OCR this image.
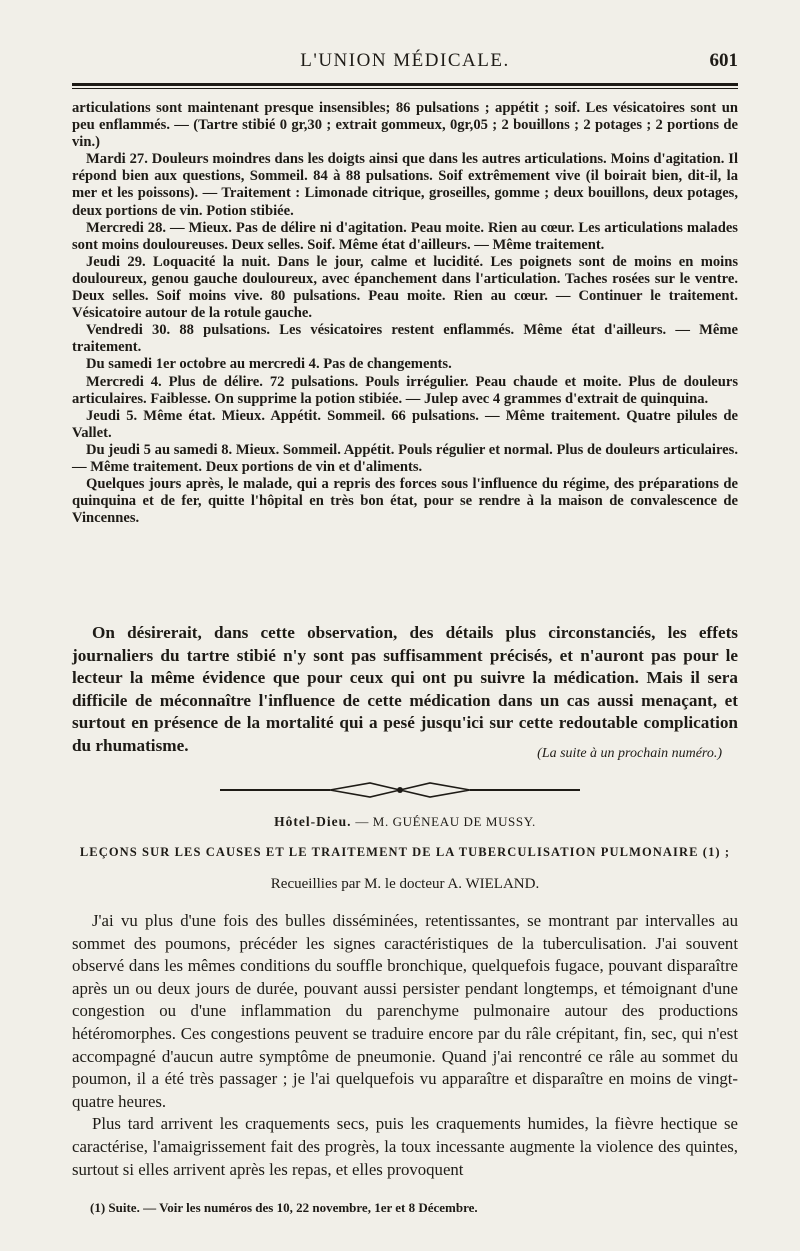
L'UNION MÉDICALE.	601

articulations sont maintenant presque insensibles; 86 pulsations ; appétit ; soif. Les vésicatoires sont un peu enflammés. — (Tartre stibié 0 gr,30 ; extrait gommeux, 0gr,05 ; 2 bouillons ; 2 potages ; 2 portions de vin.)

Mardi 27. Douleurs moindres dans les doigts ainsi que dans les autres articulations. Moins d'agitation. Il répond bien aux questions, Sommeil. 84 à 88 pulsations. Soif extrêmement vive (il boirait bien, dit-il, la mer et les poissons). — Traitement : Limonade citrique, groseilles, gomme ; deux bouillons, deux potages, deux portions de vin. Potion stibiée.

Mercredi 28. — Mieux. Pas de délire ni d'agitation. Peau moite. Rien au cœur. Les articulations malades sont moins douloureuses. Deux selles. Soif. Même état d'ailleurs. — Même traitement.

Jeudi 29. Loquacité la nuit. Dans le jour, calme et lucidité. Les poignets sont de moins en moins douloureux, genou gauche douloureux, avec épanchement dans l'articulation. Taches rosées sur le ventre. Deux selles. Soif moins vive. 80 pulsations. Peau moite. Rien au cœur. — Continuer le traitement. Vésicatoire autour de la rotule gauche.

Vendredi 30. 88 pulsations. Les vésicatoires restent enflammés. Même état d'ailleurs. — Même traitement.

Du samedi 1er octobre au mercredi 4. Pas de changements.

Mercredi 4. Plus de délire. 72 pulsations. Pouls irrégulier. Peau chaude et moite. Plus de douleurs articulaires. Faiblesse. On supprime la potion stibiée. — Julep avec 4 grammes d'extrait de quinquina.

Jeudi 5. Même état. Mieux. Appétit. Sommeil. 66 pulsations. — Même traitement. Quatre pilules de Vallet.

Du jeudi 5 au samedi 8. Mieux. Sommeil. Appétit. Pouls régulier et normal. Plus de douleurs articulaires. — Même traitement. Deux portions de vin et d'aliments.

Quelques jours après, le malade, qui a repris des forces sous l'influence du régime, des préparations de quinquina et de fer, quitte l'hôpital en très bon état, pour se rendre à la maison de convalescence de Vincennes.

On désirerait, dans cette observation, des détails plus circonstanciés, les effets journaliers du tartre stibié n'y sont pas suffisamment précisés, et n'auront pas pour le lecteur la même évidence que pour ceux qui ont pu suivre la médication. Mais il sera difficile de méconnaître l'influence de cette médication dans un cas aussi menaçant, et surtout en présence de la mortalité qui a pesé jusqu'ici sur cette redoutable complication du rhumatisme.	(La suite à un prochain numéro.)
Hôtel-Dieu. — M. GUÉNEAU DE MUSSY.
LEÇONS SUR LES CAUSES ET LE TRAITEMENT DE LA TUBERCULISATION PULMONAIRE (1) ;
Recueillies par M. le docteur A. WIELAND.

J'ai vu plus d'une fois des bulles disséminées, retentissantes, se montrant par intervalles au sommet des poumons, précéder les signes caractéristiques de la tuberculisation. J'ai souvent observé dans les mêmes conditions du souffle bronchique, quelquefois fugace, pouvant disparaître après un ou deux jours de durée, pouvant aussi persister pendant longtemps, et témoignant d'une congestion ou d'une inflammation du parenchyme pulmonaire autour des productions hétéromorphes. Ces congestions peuvent se traduire encore par du râle crépitant, fin, sec, qui n'est accompagné d'aucun autre symptôme de pneumonie. Quand j'ai rencontré ce râle au sommet du poumon, il a été très passager ; je l'ai quelquefois vu apparaître et disparaître en moins de vingt-quatre heures.

Plus tard arrivent les craquements secs, puis les craquements humides, la fièvre hectique se caractérise, l'amaigrissement fait des progrès, la toux incessante augmente la violence des quintes, surtout si elles arrivent après les repas, et elles provoquent

(1) Suite. — Voir les numéros des 10, 22 novembre, 1er et 8 Décembre.
